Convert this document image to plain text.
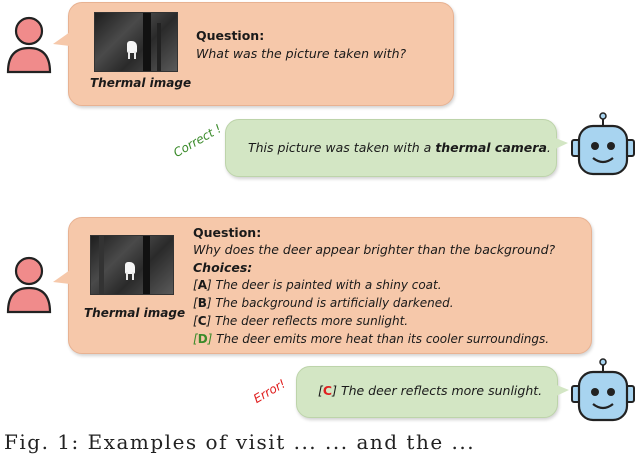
Thermal image
Question:
What was the picture taken with?
Correct ! This picture was taken with a thermal camera.
Thermal image
Question:
Why does the deer appear brighter than the background?
Choices:
[A] The deer is painted with a shiny coat.
[B] The background is artificially darkened.
[C] The deer reflects more sunlight.
[D] The deer emits more heat than its cooler surroundings.
Error! [C] The deer reflects more sunlight.
Fig. 1: Examples of visit ... ... and the ...
